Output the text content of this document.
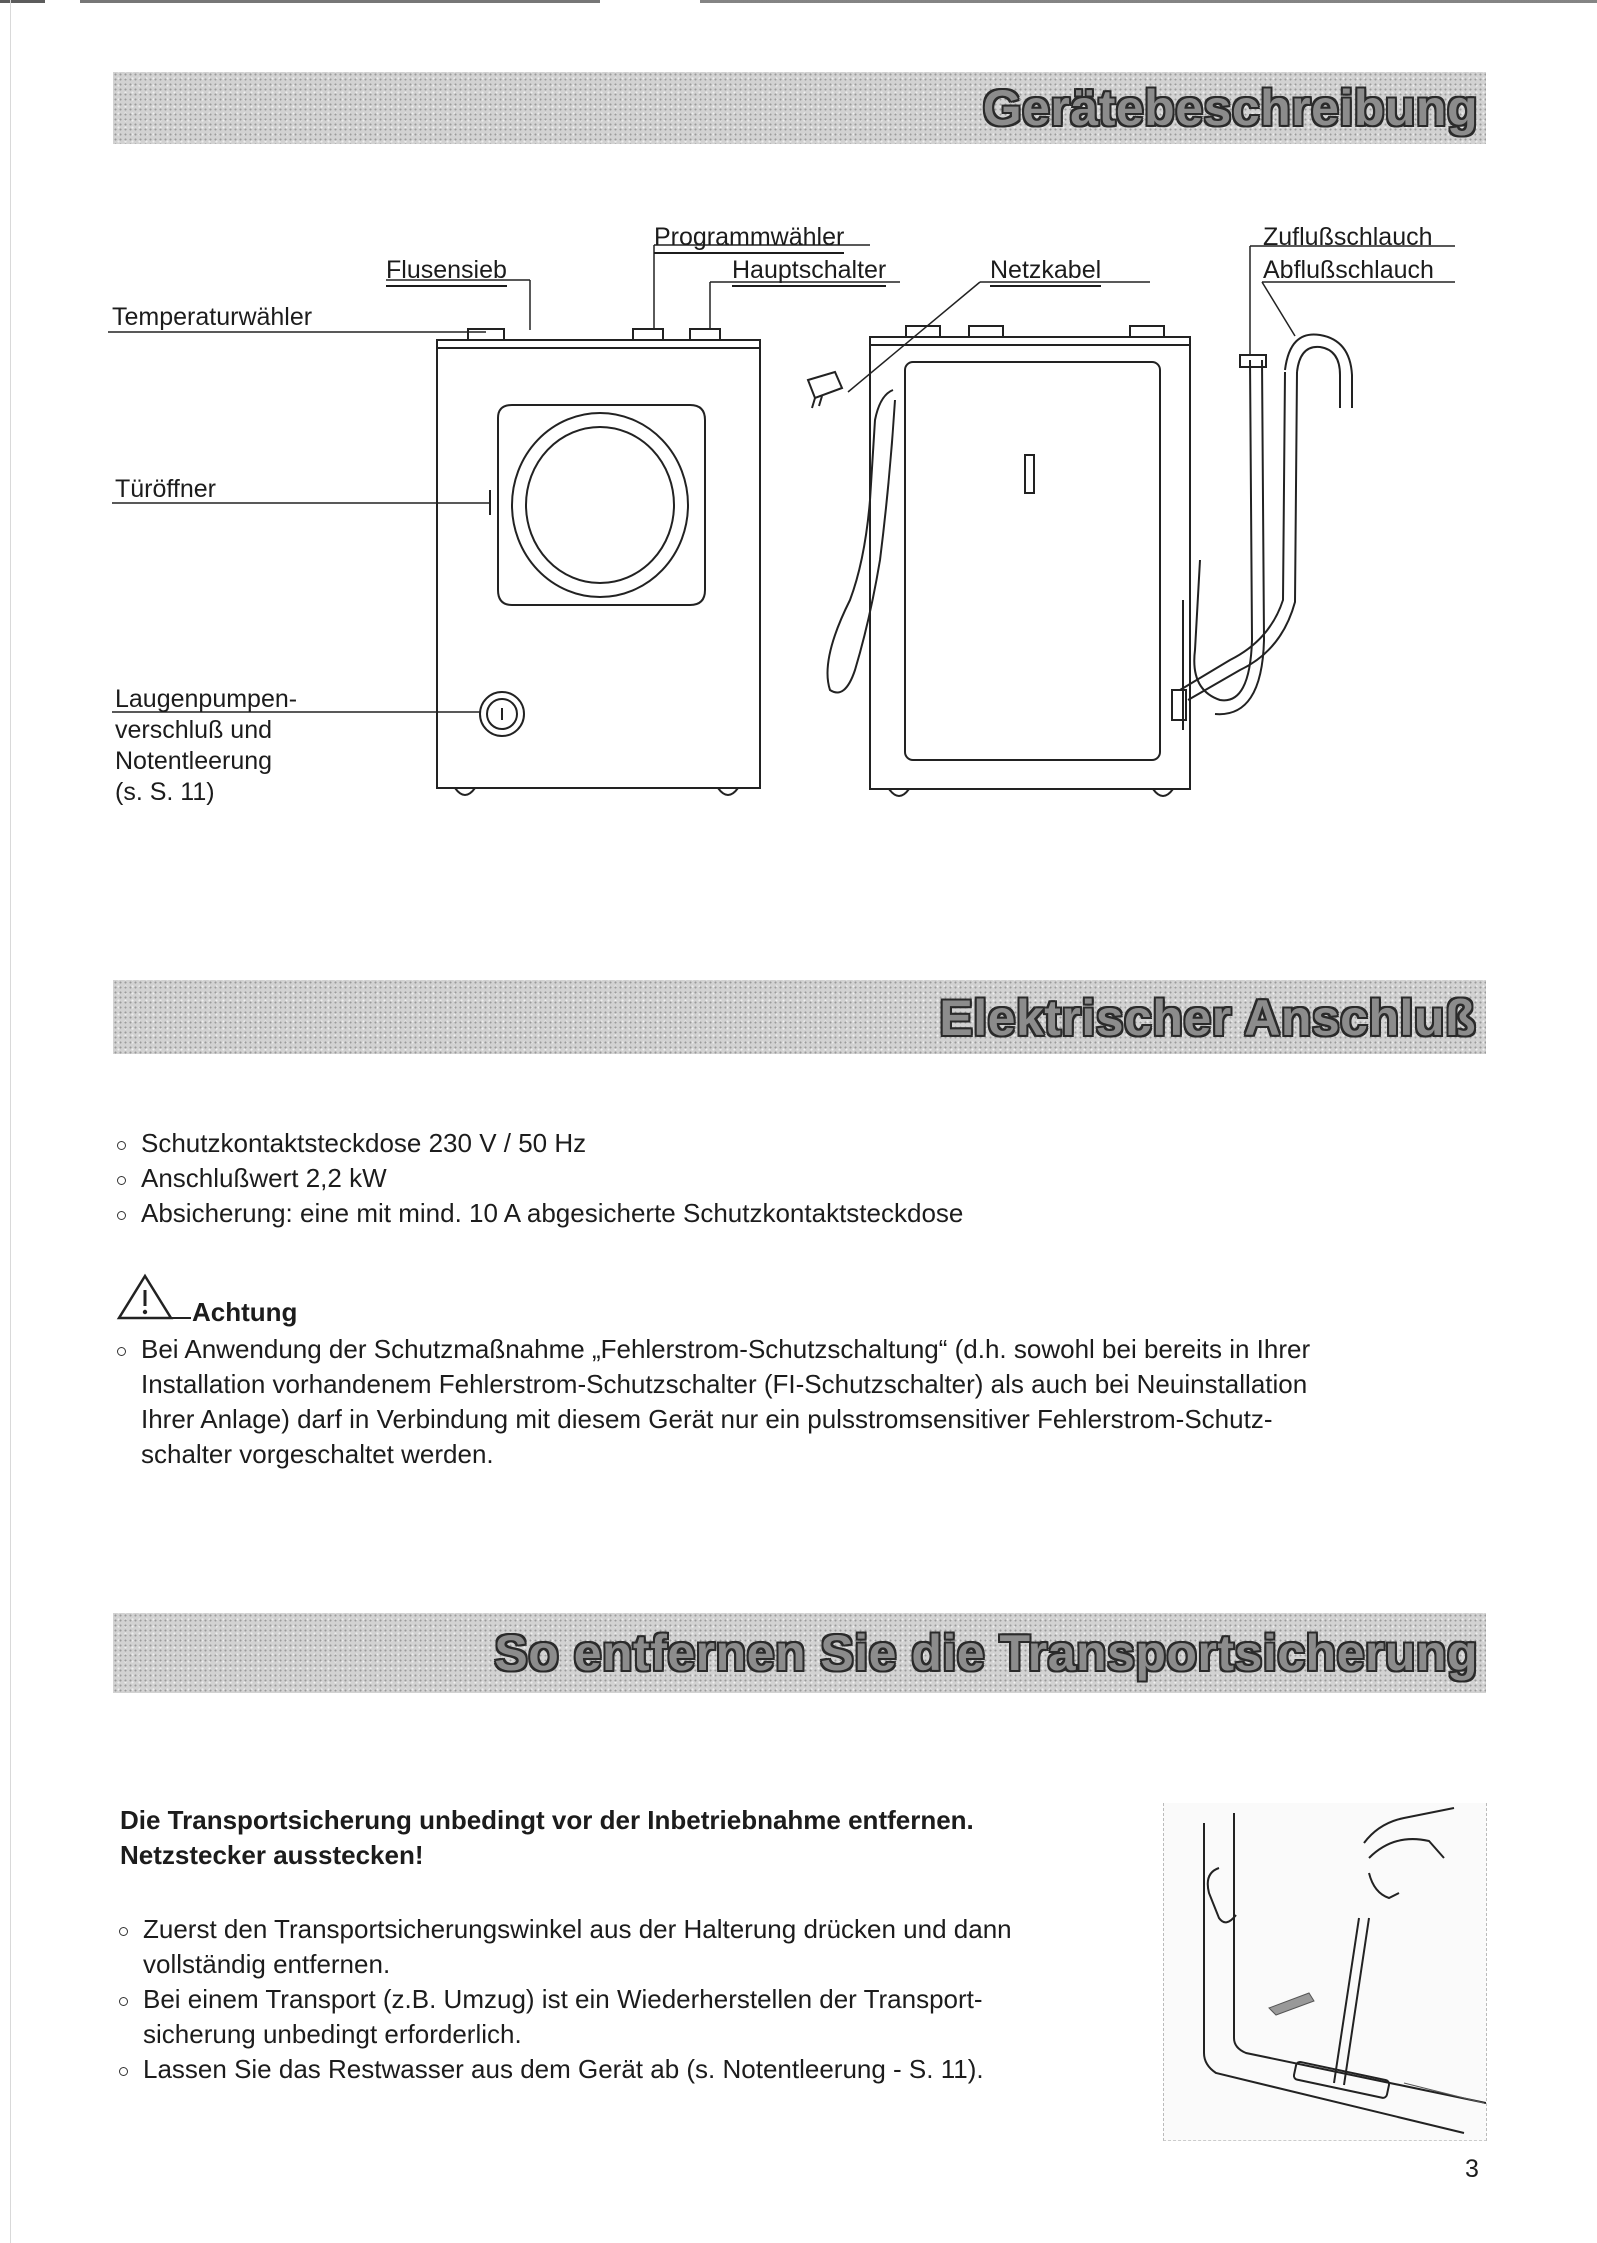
Gerätebeschreibung
Programmwähler
Flusensieb	Hauptschalter	Netzkabel
Zuflußschlauch
Abflußschlauch
Temperaturwähler
Türöffner
Laugenpumpen-
verschluß und
Notentleerung
(s. S. 11)
Elektrischer Anschluß
Schutzkontaktsteckdose 230 V / 50 Hz
Anschlußwert 2,2 kW
Absicherung: eine mit mind. 10 A abgesicherte Schutzkontaktsteckdose
Achtung
Bei Anwendung der Schutzmaßnahme „Fehlerstrom-Schutzschaltung“ (d.h. sowohl bei bereits in Ihrer
Installation vorhandenem Fehlerstrom-Schutzschalter (FI-Schutzschalter) als auch bei Neuinstallation
Ihrer Anlage) darf in Verbindung mit diesem Gerät nur ein pulsstromsensitiver Fehlerstrom-Schutz-
schalter vorgeschaltet werden.
So entfernen Sie die Transportsicherung
Die Transportsicherung unbedingt vor der Inbetriebnahme entfernen.
Netzstecker ausstecken!
Zuerst den Transportsicherungswinkel aus der Halterung drücken und dann
vollständig entfernen.
Bei einem Transport (z.B. Umzug) ist ein Wiederherstellen der Transport-
sicherung unbedingt erforderlich.
Lassen Sie das Restwasser aus dem Gerät ab (s. Notentleerung - S. 11).
3
